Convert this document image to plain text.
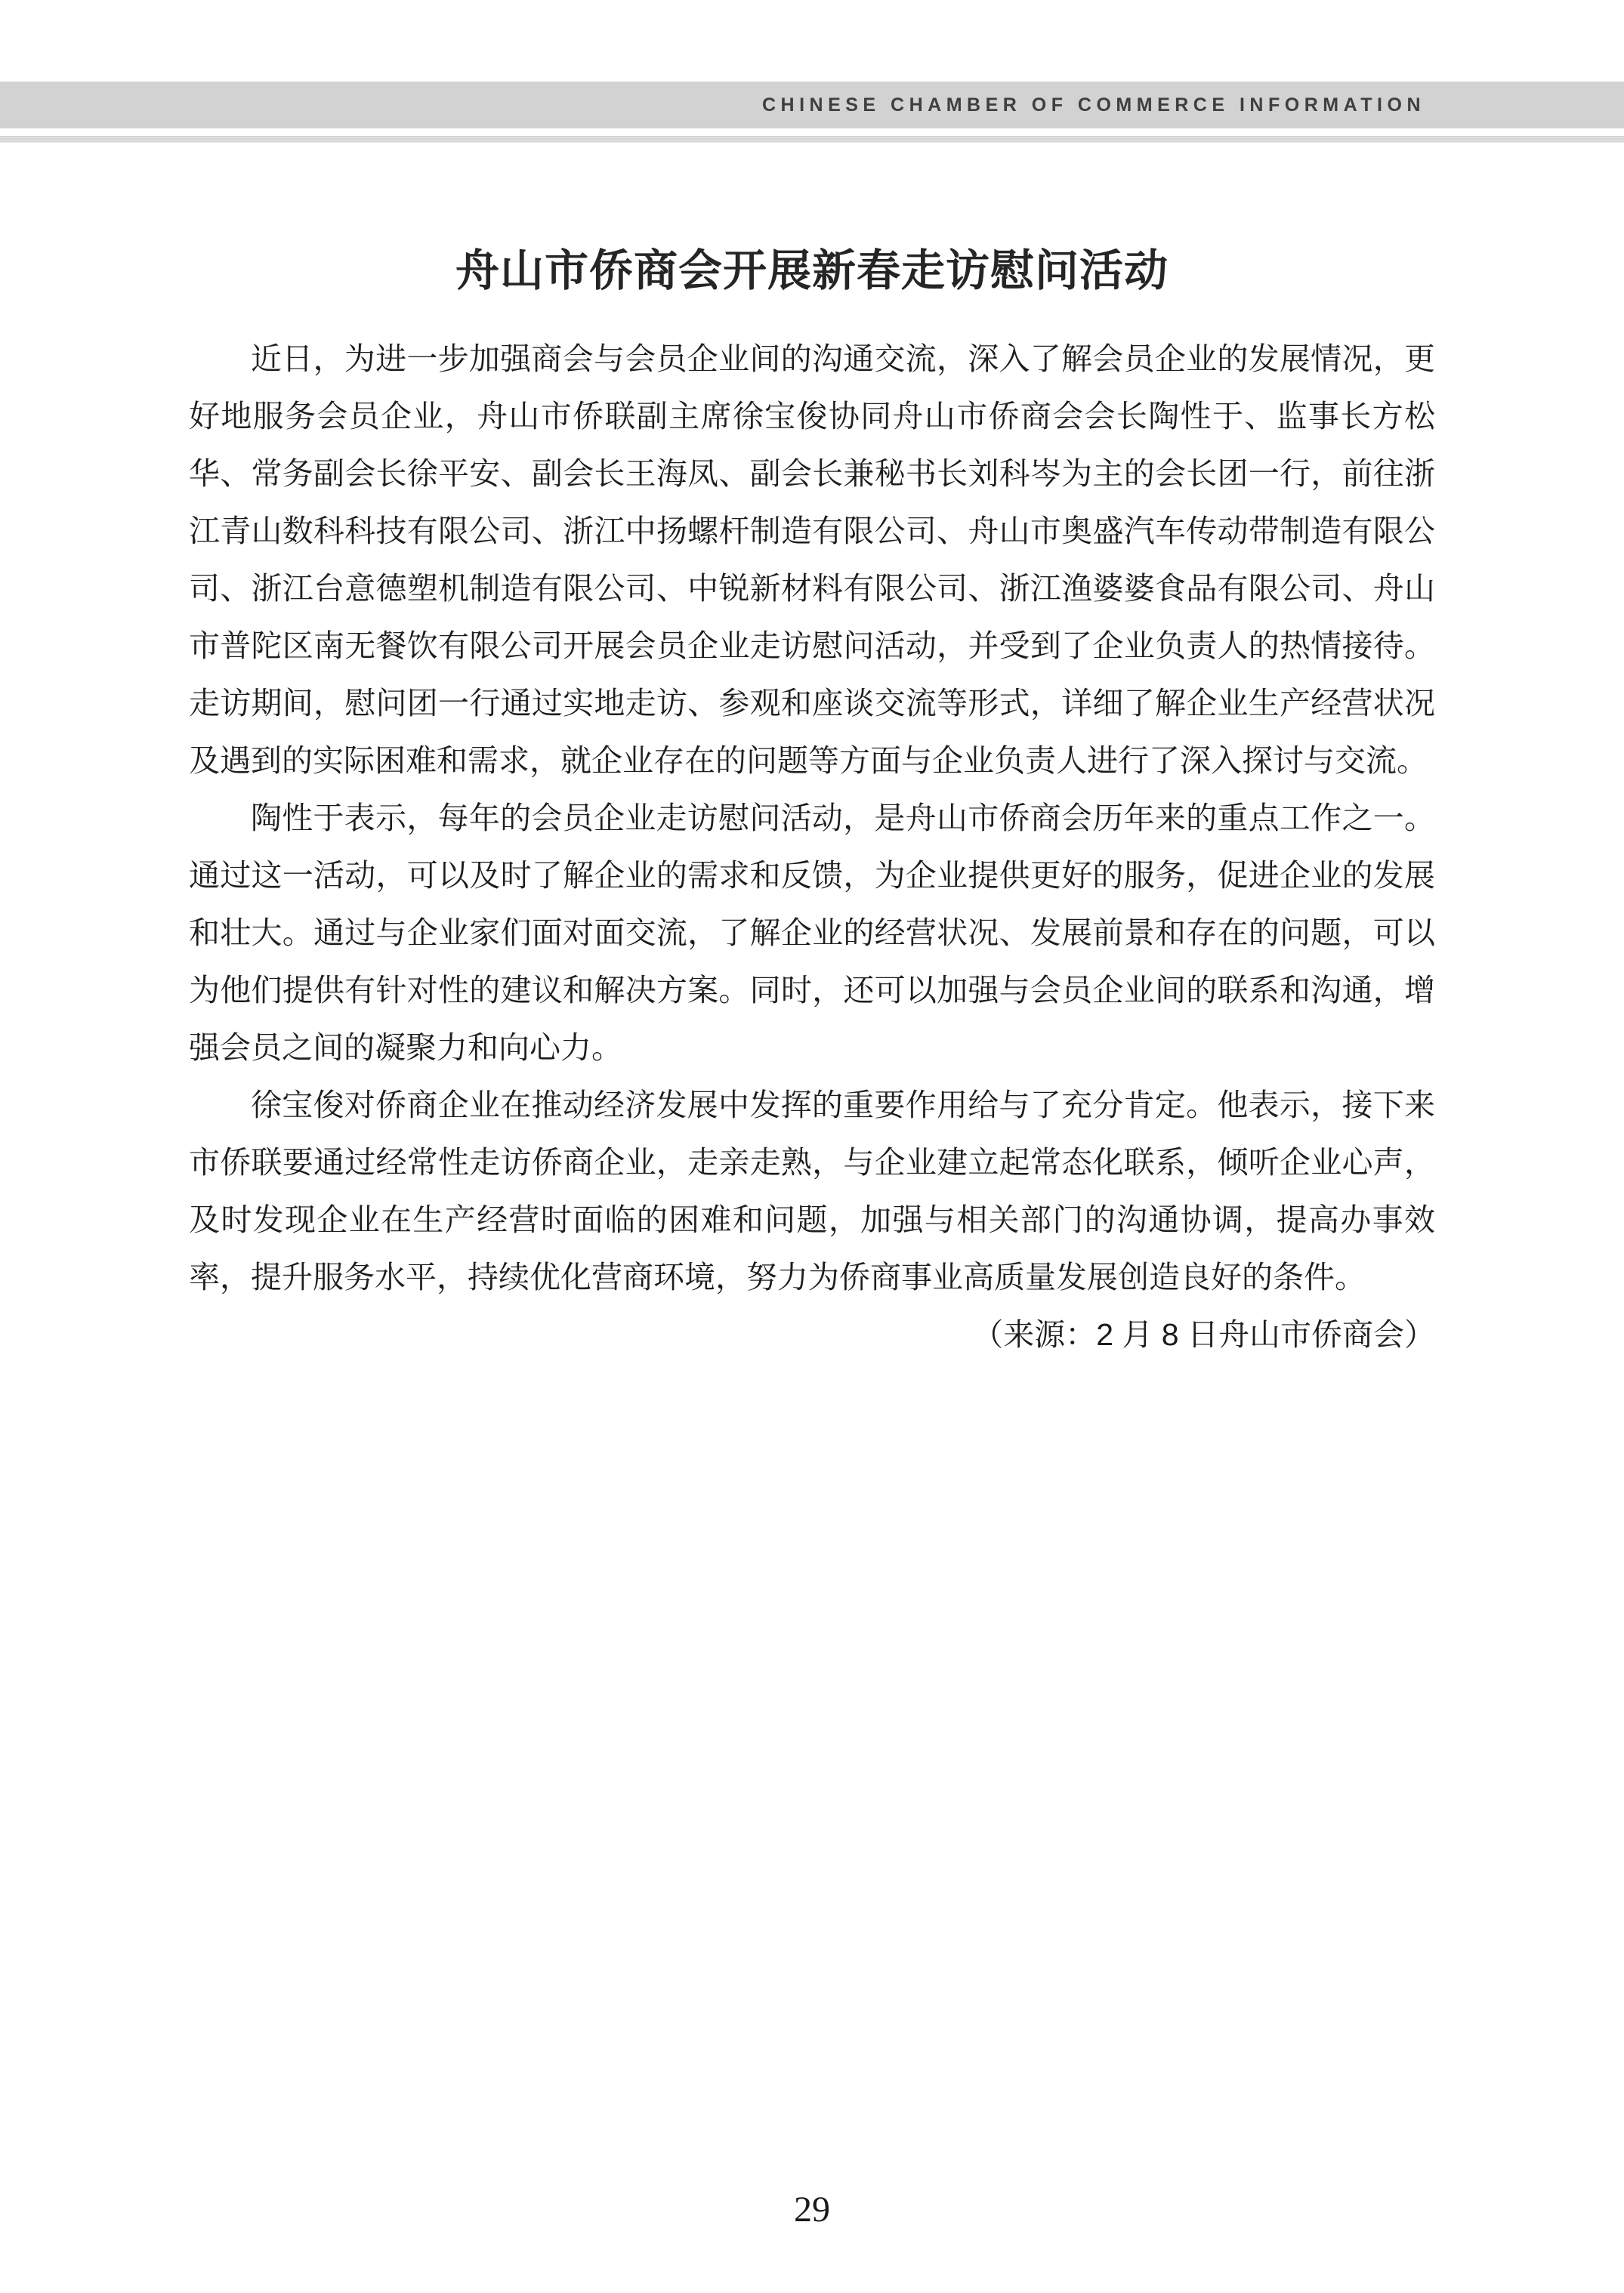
CHINESE CHAMBER OF COMMERCE INFORMATION
舟山市侨商会开展新春走访慰问活动

近日，为进一步加强商会与会员企业间的沟通交流，深入了解会员企业的发展情况，更好地服务会员企业，舟山市侨联副主席徐宝俊协同舟山市侨商会会长陶性于、监事长方松华、常务副会长徐平安、副会长王海凤、副会长兼秘书长刘科岑为主的会长团一行，前往浙江青山数科科技有限公司、浙江中扬螺杆制造有限公司、舟山市奥盛汽车传动带制造有限公司、浙江台意德塑机制造有限公司、中锐新材料有限公司、浙江渔婆婆食品有限公司、舟山市普陀区南无餐饮有限公司开展会员企业走访慰问活动，并受到了企业负责人的热情接待。走访期间，慰问团一行通过实地走访、参观和座谈交流等形式，详细了解企业生产经营状况及遇到的实际困难和需求，就企业存在的问题等方面与企业负责人进行了深入探讨与交流。

陶性于表示，每年的会员企业走访慰问活动，是舟山市侨商会历年来的重点工作之一。通过这一活动，可以及时了解企业的需求和反馈，为企业提供更好的服务，促进企业的发展和壮大。通过与企业家们面对面交流，了解企业的经营状况、发展前景和存在的问题，可以为他们提供有针对性的建议和解决方案。同时，还可以加强与会员企业间的联系和沟通，增强会员之间的凝聚力和向心力。

徐宝俊对侨商企业在推动经济发展中发挥的重要作用给与了充分肯定。他表示，接下来市侨联要通过经常性走访侨商企业，走亲走熟，与企业建立起常态化联系，倾听企业心声，及时发现企业在生产经营时面临的困难和问题，加强与相关部门的沟通协调，提高办事效率，提升服务水平，持续优化营商环境，努力为侨商事业高质量发展创造良好的条件。

（来源：2 月 8 日舟山市侨商会）

29
